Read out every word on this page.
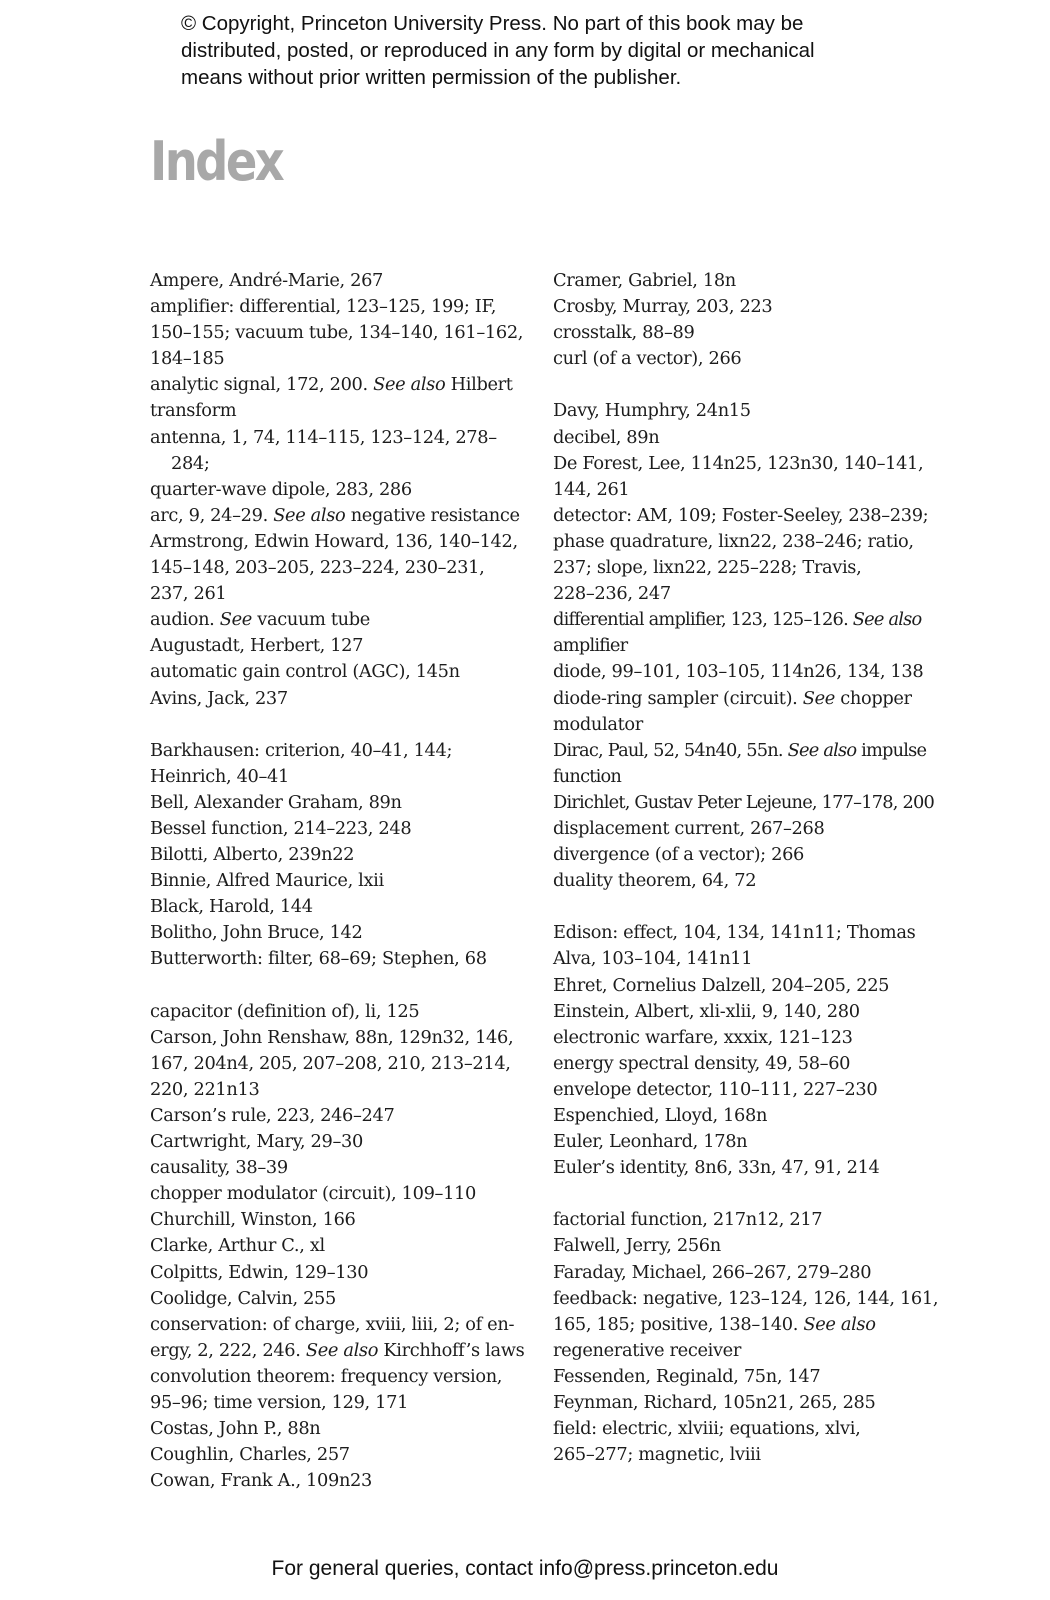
© Copyright, Princeton University Press. No part of this book may be
distributed, posted, or reproduced in any form by digital or mechanical
means without prior written permission of the publisher.
Index
Ampere, André-Marie, 267
amplifier: differential, 123–125, 199; IF,
150–155; vacuum tube, 134–140, 161–162,
184–185
analytic signal, 172, 200. See also Hilbert
transform
antenna, 1, 74, 114–115, 123–124, 278–284;
quarter-wave dipole, 283, 286
arc, 9, 24–29. See also negative resistance
Armstrong, Edwin Howard, 136, 140–142,
145–148, 203–205, 223–224, 230–231,
237, 261
audion. See vacuum tube
Augustadt, Herbert, 127
automatic gain control (AGC), 145n
Avins, Jack, 237
Barkhausen: criterion, 40–41, 144;
Heinrich, 40–41
Bell, Alexander Graham, 89n
Bessel function, 214–223, 248
Bilotti, Alberto, 239n22
Binnie, Alfred Maurice, lxii
Black, Harold, 144
Bolitho, John Bruce, 142
Butterworth: filter, 68–69; Stephen, 68
capacitor (definition of), li, 125
Carson, John Renshaw, 88n, 129n32, 146,
167, 204n4, 205, 207–208, 210, 213–214,
220, 221n13
Carson’s rule, 223, 246–247
Cartwright, Mary, 29–30
causality, 38–39
chopper modulator (circuit), 109–110
Churchill, Winston, 166
Clarke, Arthur C., xl
Colpitts, Edwin, 129–130
Coolidge, Calvin, 255
conservation: of charge, xviii, liii, 2; of en-
ergy, 2, 222, 246. See also Kirchhoff’s laws
convolution theorem: frequency version,
95–96; time version, 129, 171
Costas, John P., 88n
Coughlin, Charles, 257
Cowan, Frank A., 109n23
Cramer, Gabriel, 18n
Crosby, Murray, 203, 223
crosstalk, 88–89
curl (of a vector), 266
Davy, Humphry, 24n15
decibel, 89n
De Forest, Lee, 114n25, 123n30, 140–141,
144, 261
detector: AM, 109; Foster-Seeley, 238–239;
phase quadrature, lixn22, 238–246; ratio,
237; slope, lixn22, 225–228; Travis,
228–236, 247
differential amplifier, 123, 125–126. See also
amplifier
diode, 99–101, 103–105, 114n26, 134, 138
diode-ring sampler (circuit). See chopper
modulator
Dirac, Paul, 52, 54n40, 55n. See also impulse
function
Dirichlet, Gustav Peter Lejeune, 177–178, 200
displacement current, 267–268
divergence (of a vector); 266
duality theorem, 64, 72
Edison: effect, 104, 134, 141n11; Thomas
Alva, 103–104, 141n11
Ehret, Cornelius Dalzell, 204–205, 225
Einstein, Albert, xli-xlii, 9, 140, 280
electronic warfare, xxxix, 121–123
energy spectral density, 49, 58–60
envelope detector, 110–111, 227–230
Espenchied, Lloyd, 168n
Euler, Leonhard, 178n
Euler’s identity, 8n6, 33n, 47, 91, 214
factorial function, 217n12, 217
Falwell, Jerry, 256n
Faraday, Michael, 266–267, 279–280
feedback: negative, 123–124, 126, 144, 161,
165, 185; positive, 138–140. See also
regenerative receiver
Fessenden, Reginald, 75n, 147
Feynman, Richard, 105n21, 265, 285
field: electric, xlviii; equations, xlvi,
265–277; magnetic, lviii
For general queries, contact info@press.princeton.edu
